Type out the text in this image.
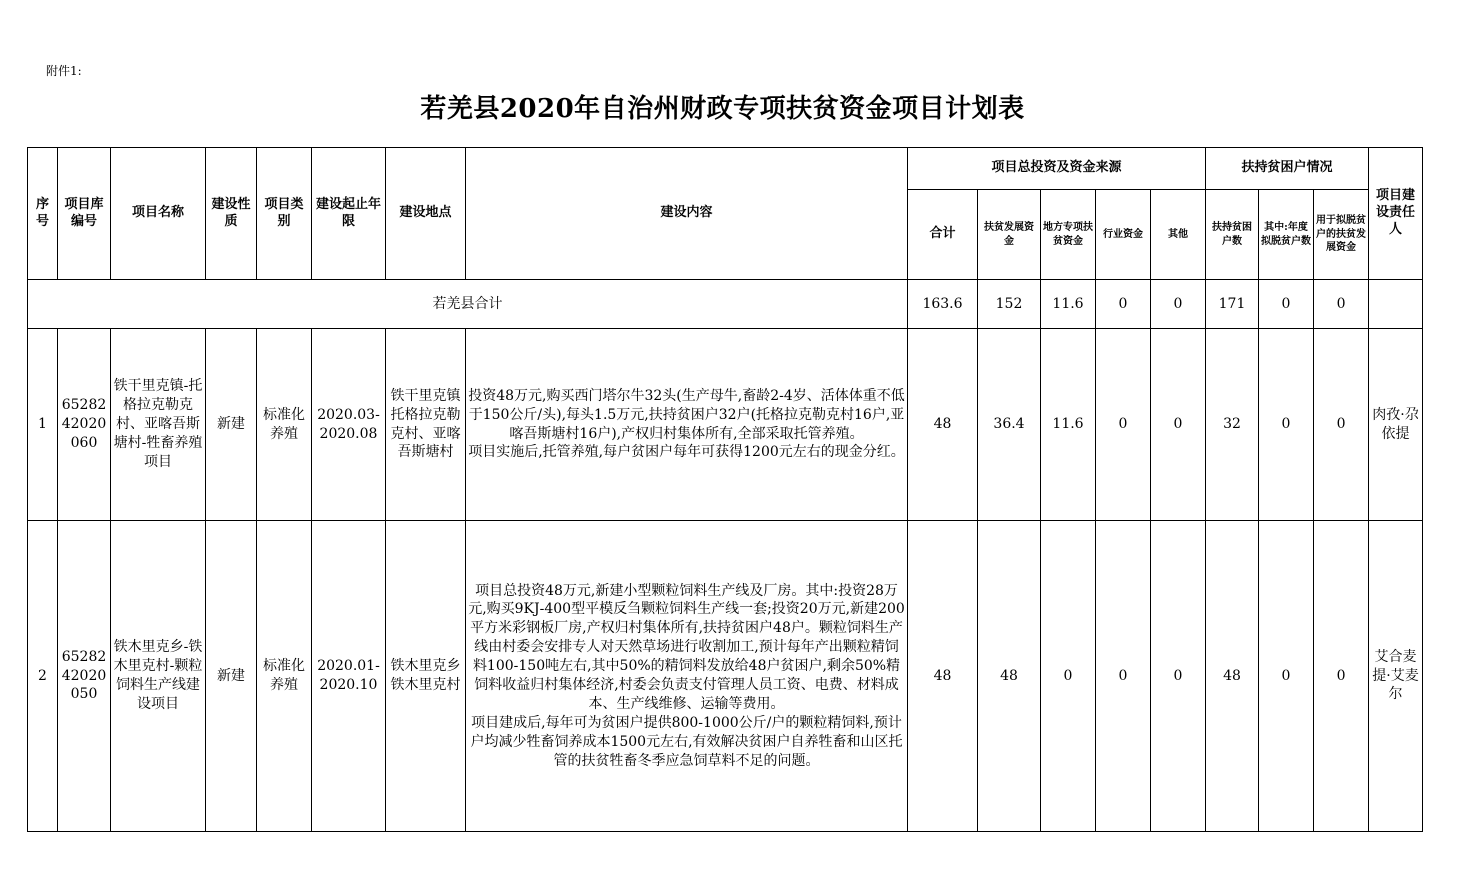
附件1:
若羌县2020年自治州财政专项扶贫资金项目计划表
序号	项目库编号	项目名称	建设性质	项目类别	建设起止年限	建设地点	建设内容	项目总投资及资金来源					扶持贫困户情况			项目建设责任人
								合计	扶贫发展资金	地方专项扶贫资金	行业资金	其他	扶持贫困户数	其中:年度拟脱贫户数	用于拟脱贫户的扶贫发展资金	
若羌县合计								163.6	152	11.6	0	0	171	0	0	
1	65282 42020 060	铁干里克镇-托格拉克勒克村、亚喀吾斯塘村-牲畜养殖项目	新建	标准化养殖	2020.03-2020.08	铁干里克镇托格拉克勒克村、亚喀吾斯塘村	投资48万元,购买西门塔尔牛32头(生产母牛,畜龄2-4岁、活体体重不低于150公斤/头),每头1.5万元,扶持贫困户32户(托格拉克勒克村16户,亚喀吾斯塘村16户),产权归村集体所有,全部采取托管养殖。
项目实施后,托管养殖,每户贫困户每年可获得1200元左右的现金分红。	48	36.4	11.6	0	0	32	0	0	肉孜·尕依提
2	65282 42020 050	铁木里克乡-铁木里克村-颗粒饲料生产线建设项目	新建	标准化养殖	2020.01-2020.10	铁木里克乡铁木里克村	项目总投资48万元,新建小型颗粒饲料生产线及厂房。其中:投资28万元,购买9KJ-400型平模反刍颗粒饲料生产线一套;投资20万元,新建200平方米彩钢板厂房,产权归村集体所有,扶持贫困户48户。颗粒饲料生产线由村委会安排专人对天然草场进行收割加工,预计每年产出颗粒精饲料100-150吨左右,其中50%的精饲料发放给48户贫困户,剩余50%精饲料收益归村集体经济,村委会负责支付管理人员工资、电费、材料成本、生产线维修、运输等费用。
项目建成后,每年可为贫困户提供800-1000公斤/户的颗粒精饲料,预计户均减少牲畜饲养成本1500元左右,有效解决贫困户自养牲畜和山区托管的扶贫牲畜冬季应急饲草料不足的问题。	48	48	0	0	0	48	0	0	艾合麦提·艾麦尔
